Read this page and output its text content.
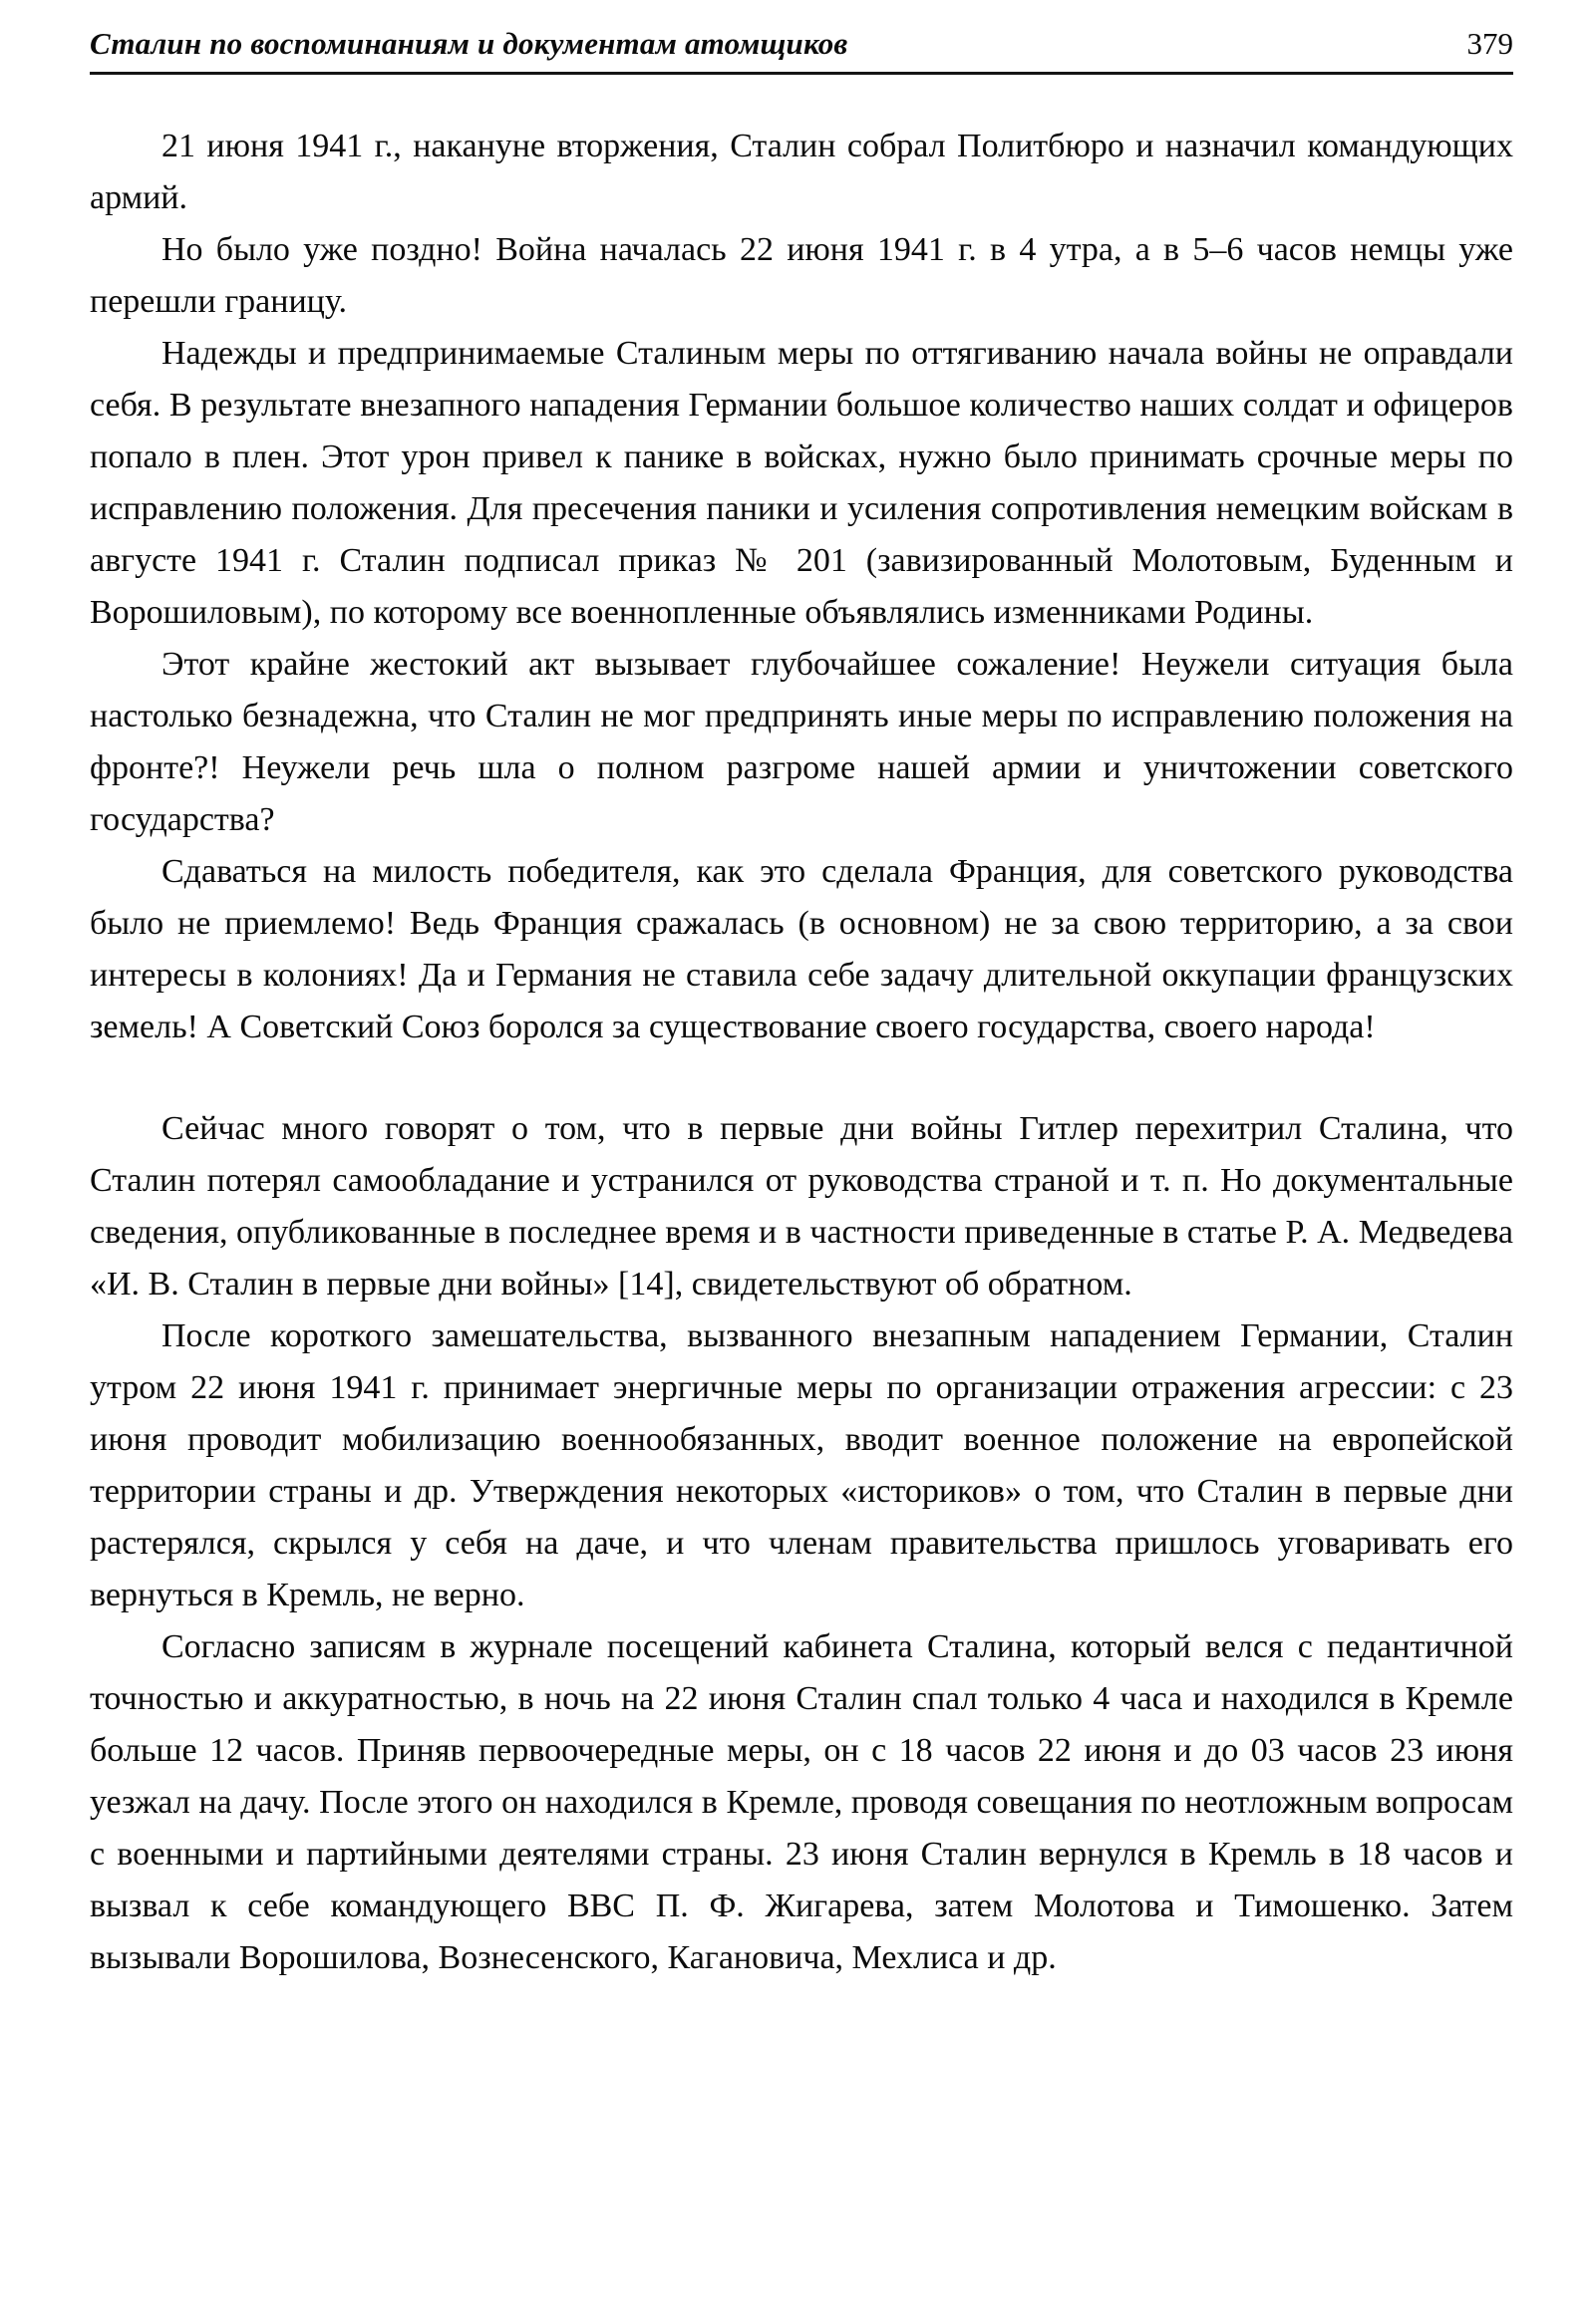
Сталин по воспоминаниям и документам атомщиков	379

21 июня 1941 г., накануне вторжения, Сталин собрал Политбюро и назначил командующих армий.

Но было уже поздно! Война началась 22 июня 1941 г. в 4 утра, а в 5–6 часов немцы уже перешли границу.

Надежды и предпринимаемые Сталиным меры по оттягиванию начала войны не оправдали себя. В результате внезапного нападения Германии большое количество наших солдат и офицеров попало в плен. Этот урон привел к панике в войсках, нужно было принимать срочные меры по исправлению положения. Для пресечения паники и усиления сопротивления немецким войскам в августе 1941 г. Сталин подписал приказ № 201 (завизированный Молотовым, Буденным и Ворошиловым), по которому все военнопленные объявлялись изменниками Родины.

Этот крайне жестокий акт вызывает глубочайшее сожаление! Неужели ситуация была настолько безнадежна, что Сталин не мог предпринять иные меры по исправлению положения на фронте?! Неужели речь шла о полном разгроме нашей армии и уничтожении советского государства?

Сдаваться на милость победителя, как это сделала Франция, для советского руководства было не приемлемо! Ведь Франция сражалась (в основном) не за свою территорию, а за свои интересы в колониях! Да и Германия не ставила себе задачу длительной оккупации французских земель! А Советский Союз боролся за существование своего государства, своего народа!

Сейчас много говорят о том, что в первые дни войны Гитлер перехитрил Сталина, что Сталин потерял самообладание и устранился от руководства страной и т. п. Но документальные сведения, опубликованные в последнее время и в частности приведенные в статье Р. А. Медведева «И. В. Сталин в первые дни войны» [14], свидетельствуют об обратном.

После короткого замешательства, вызванного внезапным нападением Германии, Сталин утром 22 июня 1941 г. принимает энергичные меры по организации отражения агрессии: с 23 июня проводит мобилизацию военнообязанных, вводит военное положение на европейской территории страны и др. Утверждения некоторых «историков» о том, что Сталин в первые дни растерялся, скрылся у себя на даче, и что членам правительства пришлось уговаривать его вернуться в Кремль, не верно.

Согласно записям в журнале посещений кабинета Сталина, который велся с педантичной точностью и аккуратностью, в ночь на 22 июня Сталин спал только 4 часа и находился в Кремле больше 12 часов. Приняв первоочередные меры, он с 18 часов 22 июня и до 03 часов 23 июня уезжал на дачу. После этого он находился в Кремле, проводя совещания по неотложным вопросам с военными и партийными деятелями страны. 23 июня Сталин вернулся в Кремль в 18 часов и вызвал к себе командующего ВВС П. Ф. Жигарева, затем Молотова и Тимошенко. Затем вызывали Ворошилова, Вознесенского, Кагановича, Мехлиса и др.
